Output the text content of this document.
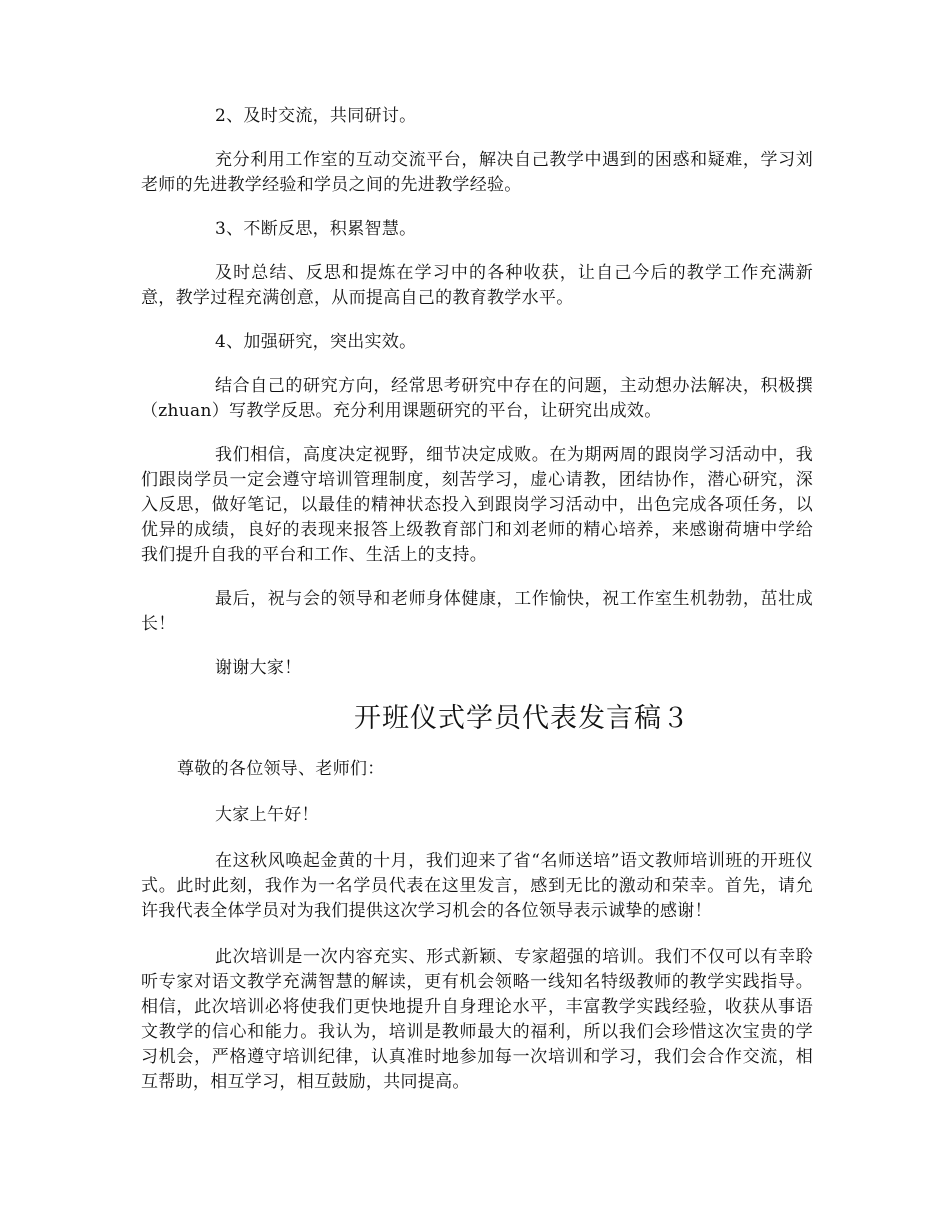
2、及时交流，共同研讨。

充分利用工作室的互动交流平台，解决自己教学中遇到的困惑和疑难，学习刘老师的先进教学经验和学员之间的先进教学经验。

3、不断反思，积累智慧。

及时总结、反思和提炼在学习中的各种收获，让自己今后的教学工作充满新意，教学过程充满创意，从而提高自己的教育教学水平。

4、加强研究，突出实效。

结合自己的研究方向，经常思考研究中存在的问题，主动想办法解决，积极撰（zhuan）写教学反思。充分利用课题研究的平台，让研究出成效。

我们相信，高度决定视野，细节决定成败。在为期两周的跟岗学习活动中，我们跟岗学员一定会遵守培训管理制度，刻苦学习，虚心请教，团结协作，潜心研究，深入反思，做好笔记，以最佳的精神状态投入到跟岗学习活动中，出色完成各项任务，以优异的成绩，良好的表现来报答上级教育部门和刘老师的精心培养，来感谢荷塘中学给我们提升自我的平台和工作、生活上的支持。

最后，祝与会的领导和老师身体健康，工作愉快，祝工作室生机勃勃，茁壮成长！

谢谢大家！

开班仪式学员代表发言稿３

尊敬的各位领导、老师们：

大家上午好！

在这秋风唤起金黄的十月，我们迎来了省“名师送培”语文教师培训班的开班仪式。此时此刻，我作为一名学员代表在这里发言，感到无比的激动和荣幸。首先，请允许我代表全体学员对为我们提供这次学习机会的各位领导表示诚挚的感谢！

此次培训是一次内容充实、形式新颖、专家超强的培训。我们不仅可以有幸聆听专家对语文教学充满智慧的解读，更有机会领略一线知名特级教师的教学实践指导。相信，此次培训必将使我们更快地提升自身理论水平，丰富教学实践经验，收获从事语文教学的信心和能力。我认为，培训是教师最大的福利，所以我们会珍惜这次宝贵的学习机会，严格遵守培训纪律，认真准时地参加每一次培训和学习，我们会合作交流，相互帮助，相互学习，相互鼓励，共同提高。
